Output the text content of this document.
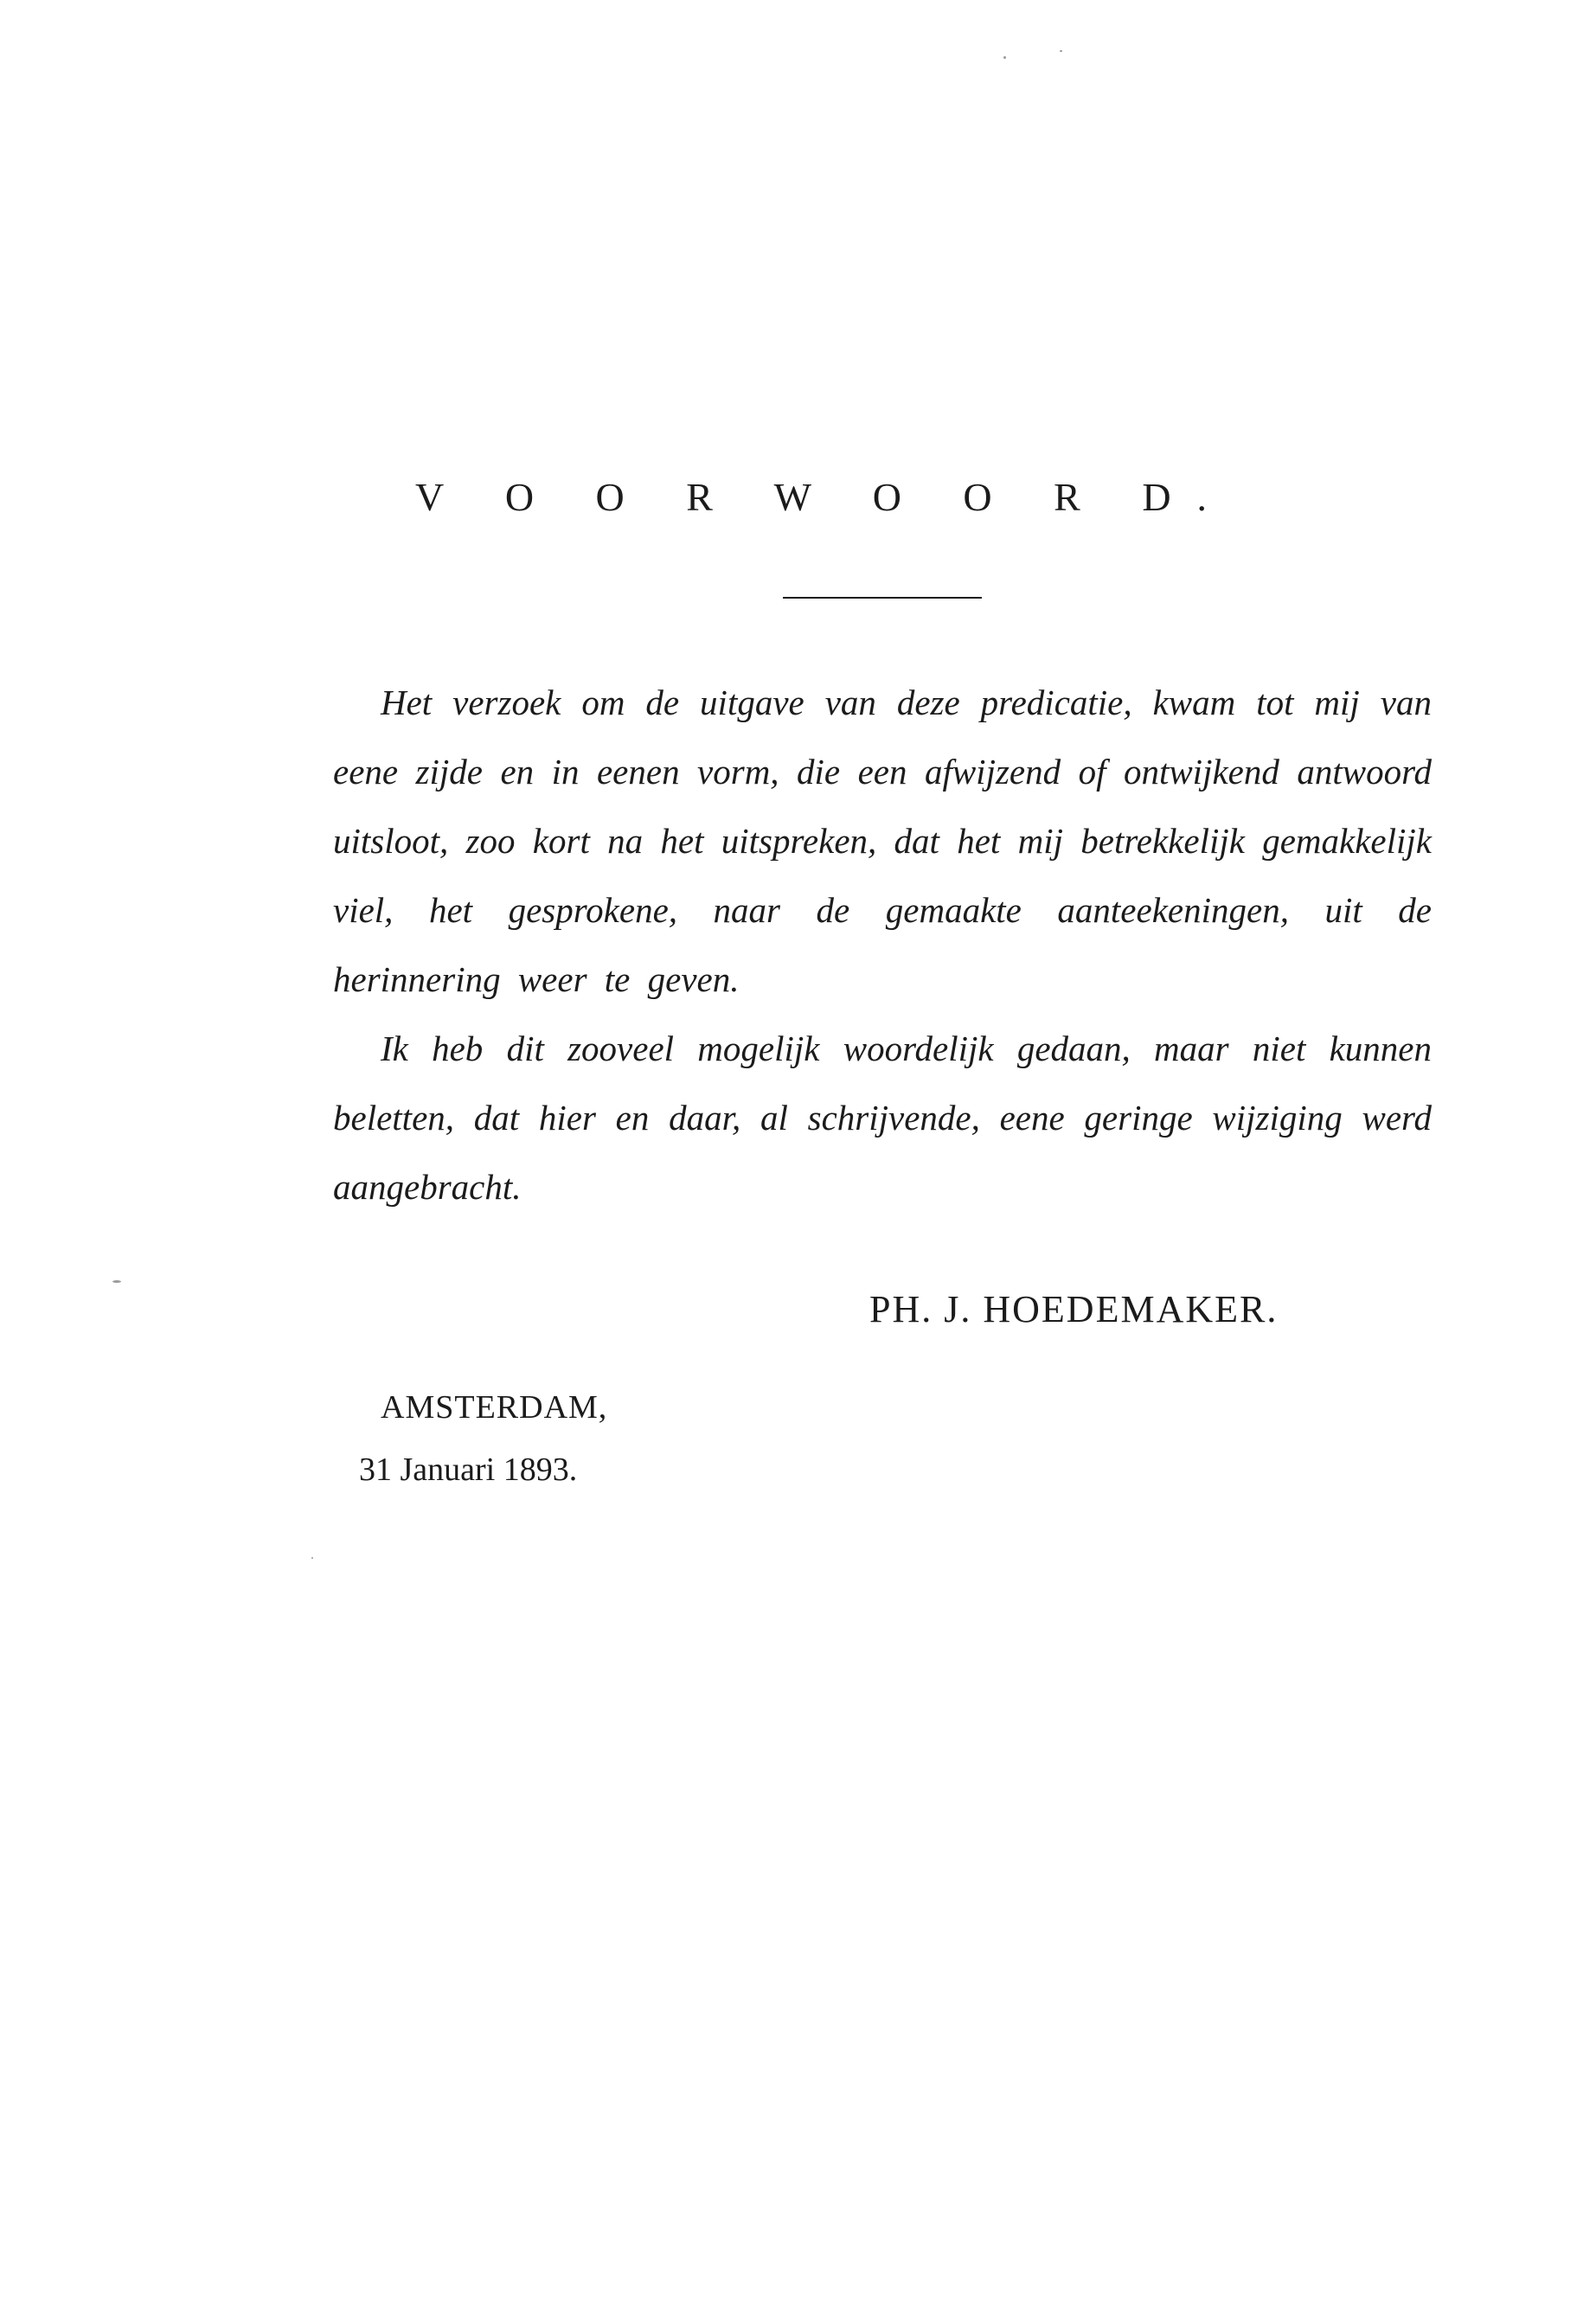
V O O R W O O R D.

Het verzoek om de uitgave van deze predicatie, kwam tot mij van eene zijde en in eenen vorm, die een afwijzend of ontwijkend antwoord uitsloot, zoo kort na het uitspreken, dat het mij betrekkelijk gemakkelijk viel, het gesprokene, naar de gemaakte aanteekeningen, uit de herinnering weer te geven.

Ik heb dit zooveel mogelijk woordelijk gedaan, maar niet kunnen beletten, dat hier en daar, al schrijvende, eene geringe wijziging werd aangebracht.

PH. J. HOEDEMAKER.
AMSTERDAM,
31 Januari 1893.
